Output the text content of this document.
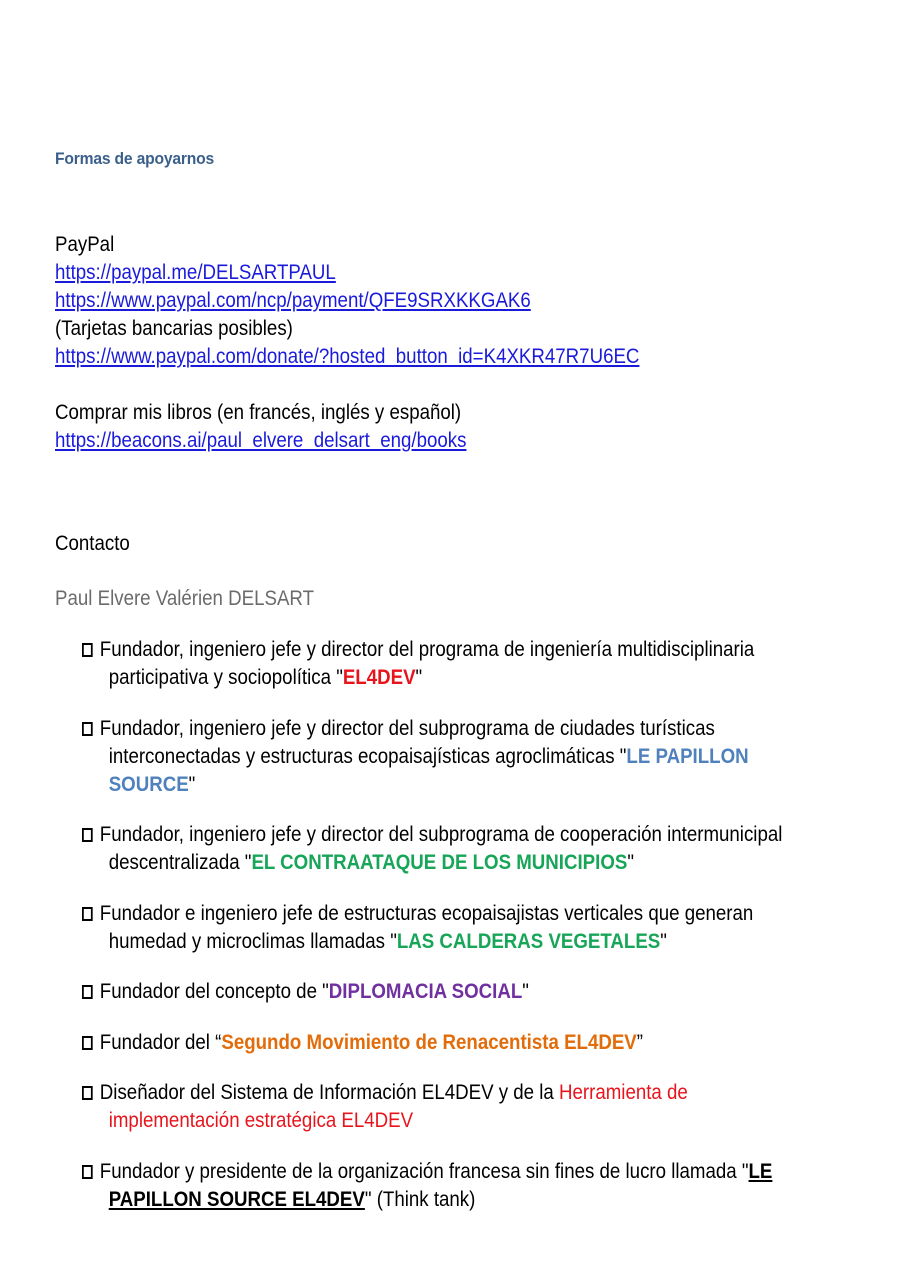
Formas de apoyarnos
PayPal
https://paypal.me/DELSARTPAUL
https://www.paypal.com/ncp/payment/QFE9SRXKKGAK6
(Tarjetas bancarias posibles)
https://www.paypal.com/donate/?hosted_button_id=K4XKR47R7U6EC
Comprar mis libros (en francés, inglés y español)
https://beacons.ai/paul_elvere_delsart_eng/books
Contacto
Paul Elvere Valérien DELSART
Fundador, ingeniero jefe y director del programa de ingeniería multidisciplinaria
participativa y sociopolítica "EL4DEV"
Fundador, ingeniero jefe y director del subprograma de ciudades turísticas
interconectadas y estructuras ecopaisajísticas agroclimáticas "LE PAPILLON
SOURCE"
Fundador, ingeniero jefe y director del subprograma de cooperación intermunicipal
descentralizada "EL CONTRAATAQUE DE LOS MUNICIPIOS"
Fundador e ingeniero jefe de estructuras ecopaisajistas verticales que generan
humedad y microclimas llamadas "LAS CALDERAS VEGETALES"
Fundador del concepto de "DIPLOMACIA SOCIAL"
Fundador del “Segundo Movimiento de Renacentista EL4DEV”
Diseñador del Sistema de Información EL4DEV y de la Herramienta de
implementación estratégica EL4DEV
Fundador y presidente de la organización francesa sin fines de lucro llamada "LE
PAPILLON SOURCE EL4DEV" (Think tank)
